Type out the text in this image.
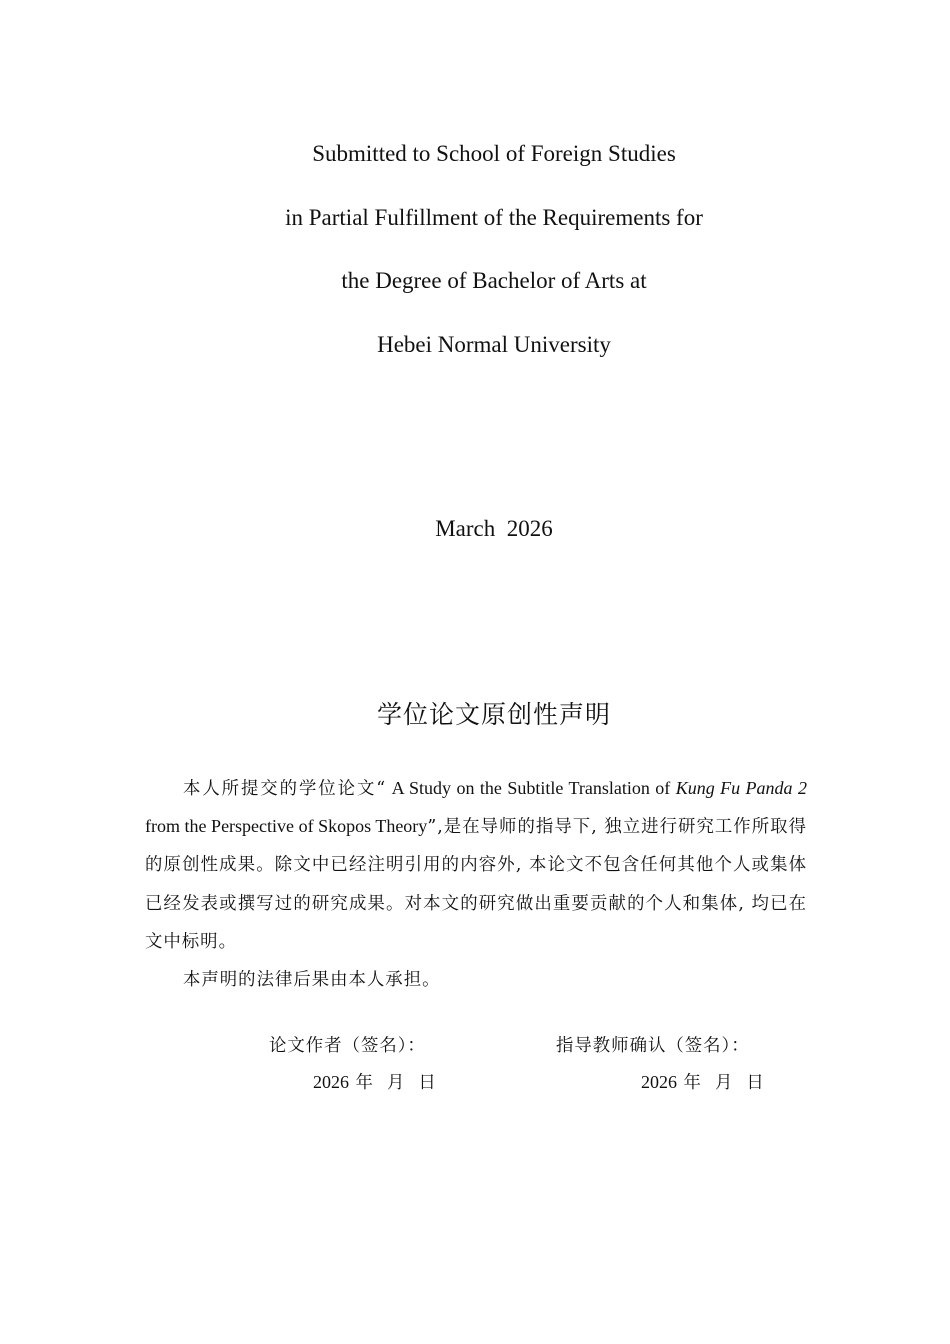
Submitted to School of Foreign Studies
in Partial Fulfillment of the Requirements for
the Degree of Bachelor of Arts at
Hebei Normal University
March  2026
学位论文原创性声明

本人所提交的学位论文“ A Study on the Subtitle Translation of Kung Fu Panda 2 from the Perspective of Skopos Theory”,是在导师的指导下, 独立进行研究工作所取得的原创性成果。除文中已经注明引用的内容外, 本论文不包含任何其他个人或集体已经发表或撰写过的研究成果。对本文的研究做出重要贡献的个人和集体, 均已在文中标明。

本声明的法律后果由本人承担。

论文作者（签名）：
2026 年  月  日
指导教师确认（签名）：
2026 年  月  日
